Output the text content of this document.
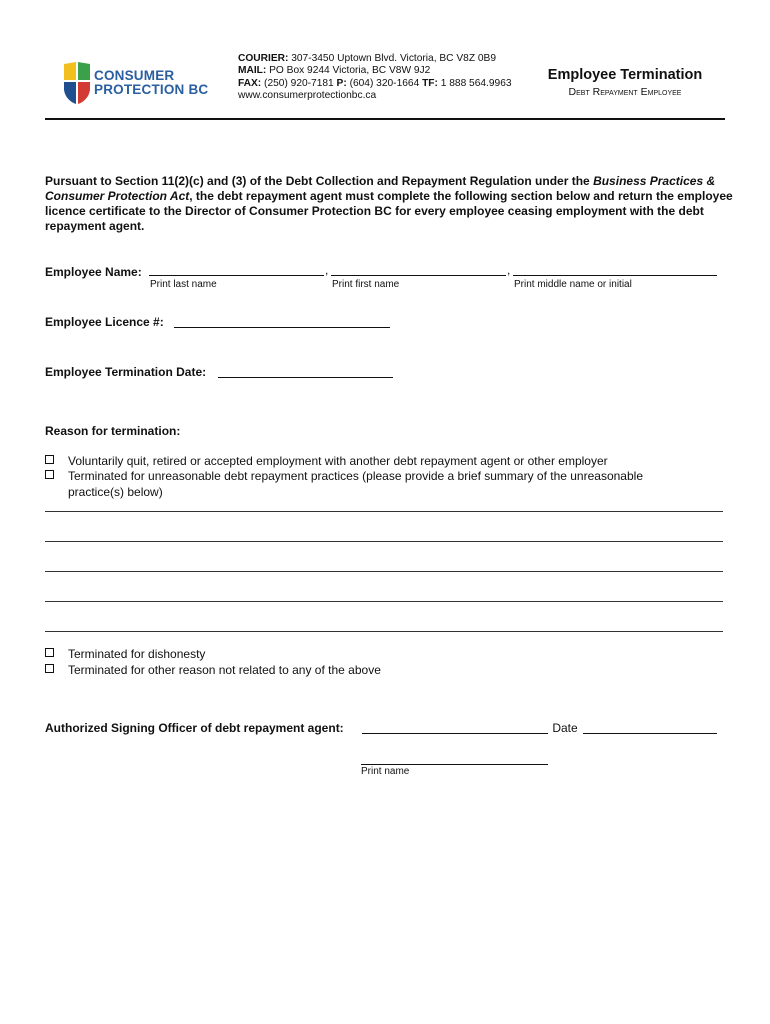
CONSUMER
PROTECTION BC
COURIER: 307-3450 Uptown Blvd. Victoria, BC V8Z 0B9
MAIL: PO Box 9244 Victoria, BC V8W 9J2
FAX: (250) 920-7181 P: (604) 320-1664 TF: 1 888 564.9963
www.consumerprotectionbc.ca
Employee Termination
Debt Repayment Employee
Pursuant to Section 11(2)(c) and (3) of the Debt Collection and Repayment Regulation under the Business Practices & Consumer Protection Act, the debt repayment agent must complete the following section below and return the employee licence certificate to the Director of Consumer Protection BC for every employee ceasing employment with the debt repayment agent.
Employee Name:	,	,
Print last name	Print first name	Print middle name or initial
Employee Licence #:
Employee Termination Date:
Reason for termination:
Voluntarily quit, retired or accepted employment with another debt repayment agent or other employer
Terminated for unreasonable debt repayment practices (please provide a brief summary of the unreasonable
practice(s) below)
Terminated for dishonesty
Terminated for other reason not related to any of the above
Authorized Signing Officer of debt repayment agent:	Date
Print name
